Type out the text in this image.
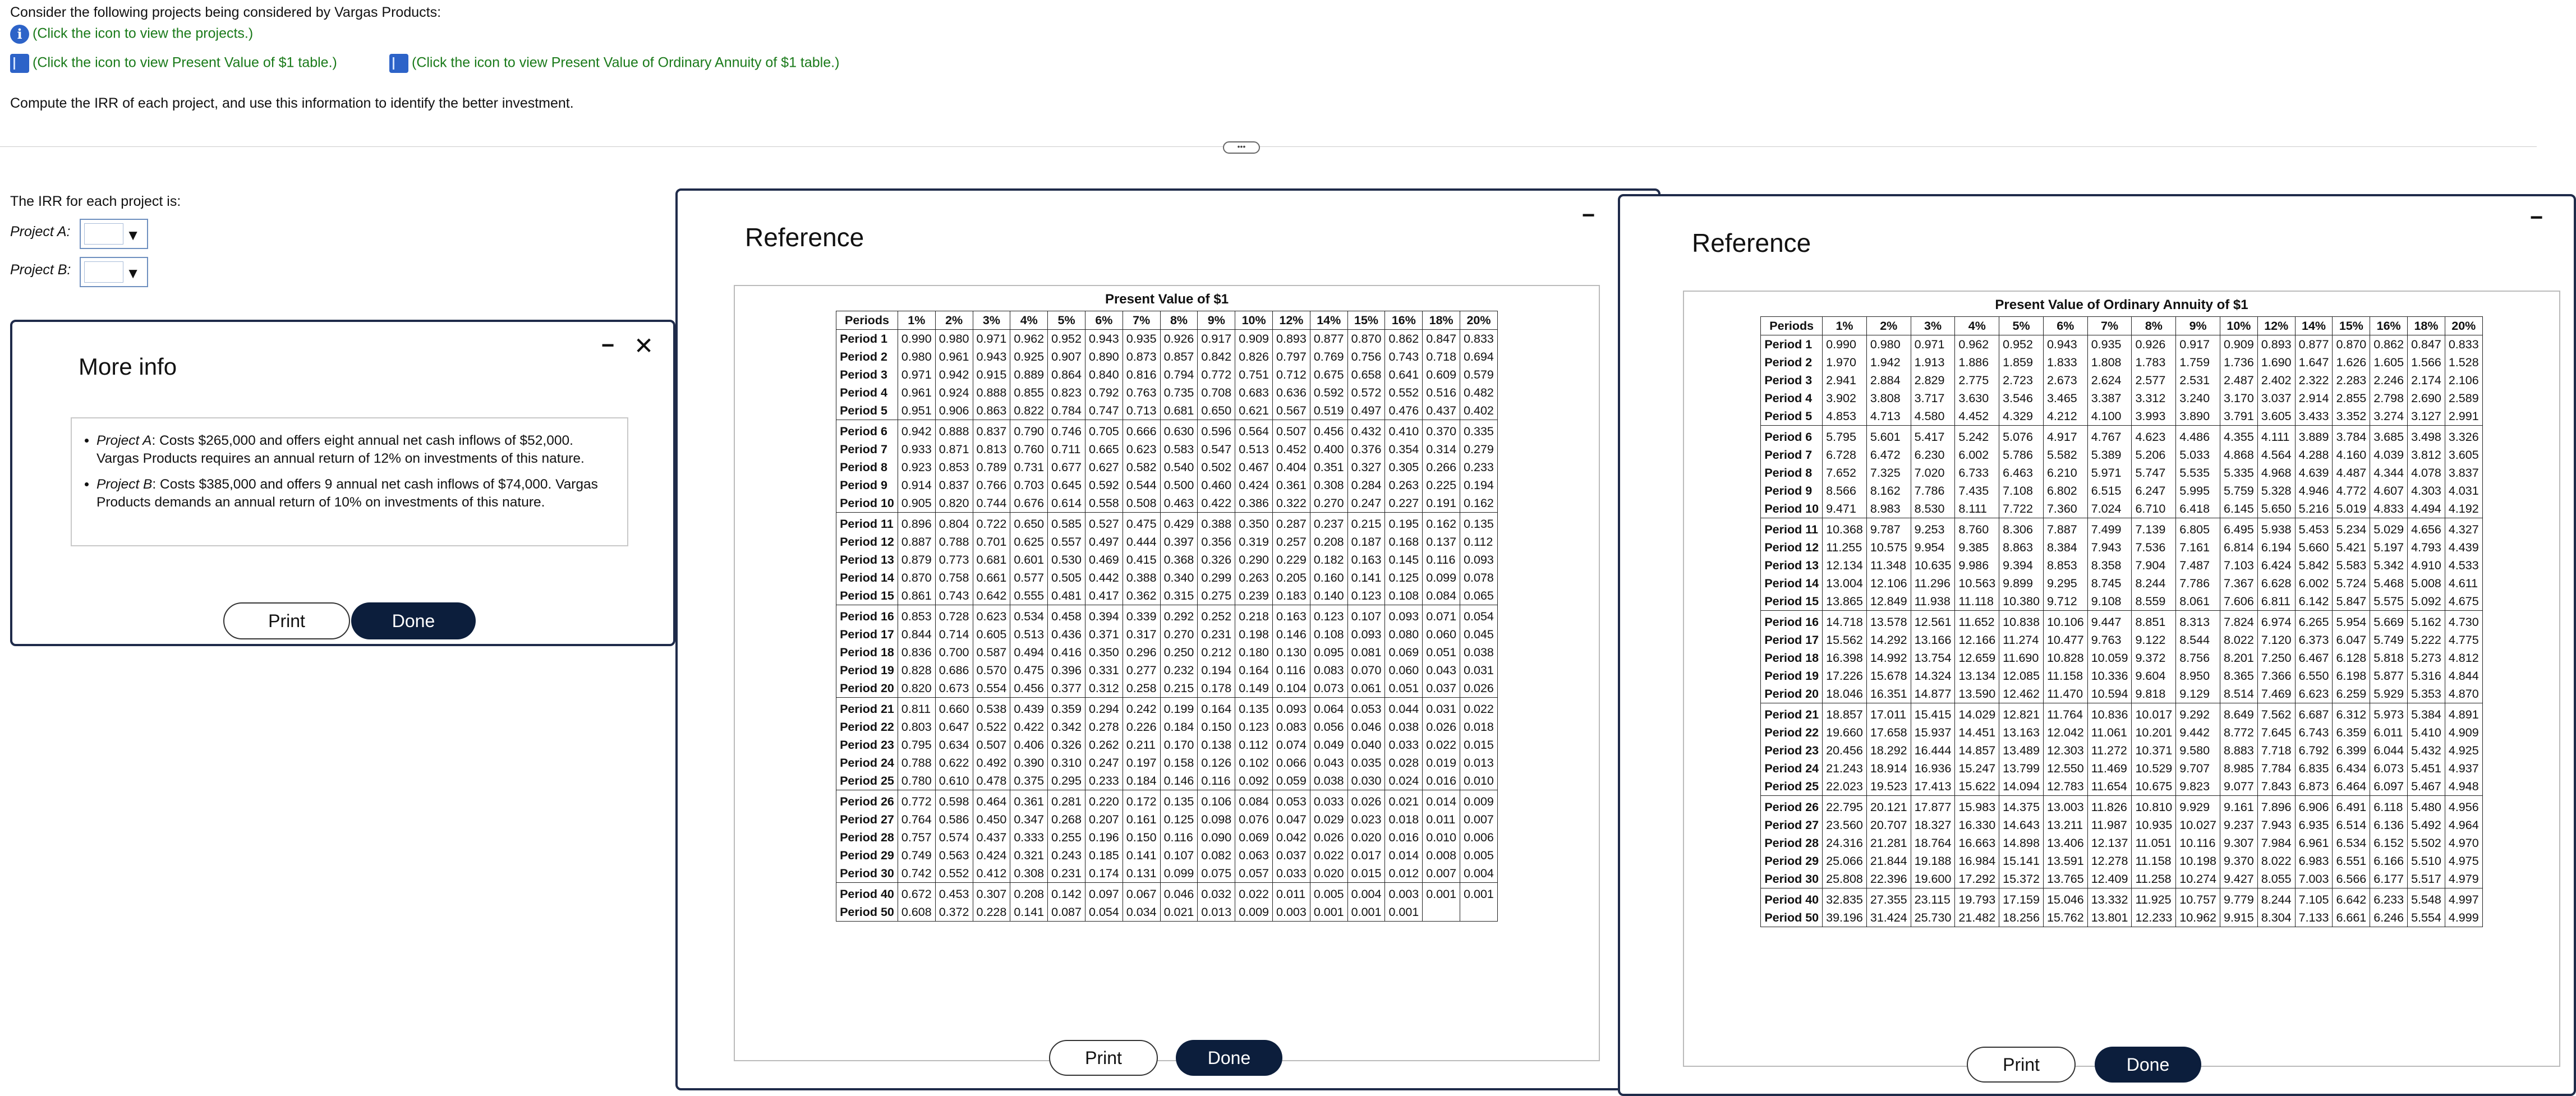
Consider the following projects being considered by Vargas Products:
i (Click the icon to view the projects.)
(Click the icon to view Present Value of $1 table.)	(Click the icon to view Present Value of Ordinary Annuity of $1 table.)
Compute the IRR of each project, and use this information to identify the better investment.
•••
The IRR for each project is:
Project A:	▼
Project B:	▼
More info
− ✕
• Project A: Costs $265,000 and offers eight annual net cash inflows of $52,000. Vargas Products requires an annual return of 12% on investments of this nature.
• Project B: Costs $385,000 and offers 9 annual net cash inflows of $74,000. Vargas Products demands an annual return of 10% on investments of this nature.
Print	Done
Reference
−
Present Value of $1
Periods	1%	2%	3%	4%	5%	6%	7%	8%	9%	10%	12%	14%	15%	16%	18%	20%
Period 1	0.990	0.980	0.971	0.962	0.952	0.943	0.935	0.926	0.917	0.909	0.893	0.877	0.870	0.862	0.847	0.833
Period 2	0.980	0.961	0.943	0.925	0.907	0.890	0.873	0.857	0.842	0.826	0.797	0.769	0.756	0.743	0.718	0.694
Period 3	0.971	0.942	0.915	0.889	0.864	0.840	0.816	0.794	0.772	0.751	0.712	0.675	0.658	0.641	0.609	0.579
Period 4	0.961	0.924	0.888	0.855	0.823	0.792	0.763	0.735	0.708	0.683	0.636	0.592	0.572	0.552	0.516	0.482
Period 5	0.951	0.906	0.863	0.822	0.784	0.747	0.713	0.681	0.650	0.621	0.567	0.519	0.497	0.476	0.437	0.402
Period 6	0.942	0.888	0.837	0.790	0.746	0.705	0.666	0.630	0.596	0.564	0.507	0.456	0.432	0.410	0.370	0.335
Period 7	0.933	0.871	0.813	0.760	0.711	0.665	0.623	0.583	0.547	0.513	0.452	0.400	0.376	0.354	0.314	0.279
Period 8	0.923	0.853	0.789	0.731	0.677	0.627	0.582	0.540	0.502	0.467	0.404	0.351	0.327	0.305	0.266	0.233
Period 9	0.914	0.837	0.766	0.703	0.645	0.592	0.544	0.500	0.460	0.424	0.361	0.308	0.284	0.263	0.225	0.194
Period 10	0.905	0.820	0.744	0.676	0.614	0.558	0.508	0.463	0.422	0.386	0.322	0.270	0.247	0.227	0.191	0.162
Period 11	0.896	0.804	0.722	0.650	0.585	0.527	0.475	0.429	0.388	0.350	0.287	0.237	0.215	0.195	0.162	0.135
Period 12	0.887	0.788	0.701	0.625	0.557	0.497	0.444	0.397	0.356	0.319	0.257	0.208	0.187	0.168	0.137	0.112
Period 13	0.879	0.773	0.681	0.601	0.530	0.469	0.415	0.368	0.326	0.290	0.229	0.182	0.163	0.145	0.116	0.093
Period 14	0.870	0.758	0.661	0.577	0.505	0.442	0.388	0.340	0.299	0.263	0.205	0.160	0.141	0.125	0.099	0.078
Period 15	0.861	0.743	0.642	0.555	0.481	0.417	0.362	0.315	0.275	0.239	0.183	0.140	0.123	0.108	0.084	0.065
Period 16	0.853	0.728	0.623	0.534	0.458	0.394	0.339	0.292	0.252	0.218	0.163	0.123	0.107	0.093	0.071	0.054
Period 17	0.844	0.714	0.605	0.513	0.436	0.371	0.317	0.270	0.231	0.198	0.146	0.108	0.093	0.080	0.060	0.045
Period 18	0.836	0.700	0.587	0.494	0.416	0.350	0.296	0.250	0.212	0.180	0.130	0.095	0.081	0.069	0.051	0.038
Period 19	0.828	0.686	0.570	0.475	0.396	0.331	0.277	0.232	0.194	0.164	0.116	0.083	0.070	0.060	0.043	0.031
Period 20	0.820	0.673	0.554	0.456	0.377	0.312	0.258	0.215	0.178	0.149	0.104	0.073	0.061	0.051	0.037	0.026
Period 21	0.811	0.660	0.538	0.439	0.359	0.294	0.242	0.199	0.164	0.135	0.093	0.064	0.053	0.044	0.031	0.022
Period 22	0.803	0.647	0.522	0.422	0.342	0.278	0.226	0.184	0.150	0.123	0.083	0.056	0.046	0.038	0.026	0.018
Period 23	0.795	0.634	0.507	0.406	0.326	0.262	0.211	0.170	0.138	0.112	0.074	0.049	0.040	0.033	0.022	0.015
Period 24	0.788	0.622	0.492	0.390	0.310	0.247	0.197	0.158	0.126	0.102	0.066	0.043	0.035	0.028	0.019	0.013
Period 25	0.780	0.610	0.478	0.375	0.295	0.233	0.184	0.146	0.116	0.092	0.059	0.038	0.030	0.024	0.016	0.010
Period 26	0.772	0.598	0.464	0.361	0.281	0.220	0.172	0.135	0.106	0.084	0.053	0.033	0.026	0.021	0.014	0.009
Period 27	0.764	0.586	0.450	0.347	0.268	0.207	0.161	0.125	0.098	0.076	0.047	0.029	0.023	0.018	0.011	0.007
Period 28	0.757	0.574	0.437	0.333	0.255	0.196	0.150	0.116	0.090	0.069	0.042	0.026	0.020	0.016	0.010	0.006
Period 29	0.749	0.563	0.424	0.321	0.243	0.185	0.141	0.107	0.082	0.063	0.037	0.022	0.017	0.014	0.008	0.005
Period 30	0.742	0.552	0.412	0.308	0.231	0.174	0.131	0.099	0.075	0.057	0.033	0.020	0.015	0.012	0.007	0.004
Period 40	0.672	0.453	0.307	0.208	0.142	0.097	0.067	0.046	0.032	0.022	0.011	0.005	0.004	0.003	0.001	0.001
Period 50	0.608	0.372	0.228	0.141	0.087	0.054	0.034	0.021	0.013	0.009	0.003	0.001	0.001	0.001		
Print	Done
Reference
−
Present Value of Ordinary Annuity of $1
Periods	1%	2%	3%	4%	5%	6%	7%	8%	9%	10%	12%	14%	15%	16%	18%	20%
Period 1	0.990	0.980	0.971	0.962	0.952	0.943	0.935	0.926	0.917	0.909	0.893	0.877	0.870	0.862	0.847	0.833
Period 2	1.970	1.942	1.913	1.886	1.859	1.833	1.808	1.783	1.759	1.736	1.690	1.647	1.626	1.605	1.566	1.528
Period 3	2.941	2.884	2.829	2.775	2.723	2.673	2.624	2.577	2.531	2.487	2.402	2.322	2.283	2.246	2.174	2.106
Period 4	3.902	3.808	3.717	3.630	3.546	3.465	3.387	3.312	3.240	3.170	3.037	2.914	2.855	2.798	2.690	2.589
Period 5	4.853	4.713	4.580	4.452	4.329	4.212	4.100	3.993	3.890	3.791	3.605	3.433	3.352	3.274	3.127	2.991
Period 6	5.795	5.601	5.417	5.242	5.076	4.917	4.767	4.623	4.486	4.355	4.111	3.889	3.784	3.685	3.498	3.326
Period 7	6.728	6.472	6.230	6.002	5.786	5.582	5.389	5.206	5.033	4.868	4.564	4.288	4.160	4.039	3.812	3.605
Period 8	7.652	7.325	7.020	6.733	6.463	6.210	5.971	5.747	5.535	5.335	4.968	4.639	4.487	4.344	4.078	3.837
Period 9	8.566	8.162	7.786	7.435	7.108	6.802	6.515	6.247	5.995	5.759	5.328	4.946	4.772	4.607	4.303	4.031
Period 10	9.471	8.983	8.530	8.111	7.722	7.360	7.024	6.710	6.418	6.145	5.650	5.216	5.019	4.833	4.494	4.192
Period 11	10.368	9.787	9.253	8.760	8.306	7.887	7.499	7.139	6.805	6.495	5.938	5.453	5.234	5.029	4.656	4.327
Period 12	11.255	10.575	9.954	9.385	8.863	8.384	7.943	7.536	7.161	6.814	6.194	5.660	5.421	5.197	4.793	4.439
Period 13	12.134	11.348	10.635	9.986	9.394	8.853	8.358	7.904	7.487	7.103	6.424	5.842	5.583	5.342	4.910	4.533
Period 14	13.004	12.106	11.296	10.563	9.899	9.295	8.745	8.244	7.786	7.367	6.628	6.002	5.724	5.468	5.008	4.611
Period 15	13.865	12.849	11.938	11.118	10.380	9.712	9.108	8.559	8.061	7.606	6.811	6.142	5.847	5.575	5.092	4.675
Period 16	14.718	13.578	12.561	11.652	10.838	10.106	9.447	8.851	8.313	7.824	6.974	6.265	5.954	5.669	5.162	4.730
Period 17	15.562	14.292	13.166	12.166	11.274	10.477	9.763	9.122	8.544	8.022	7.120	6.373	6.047	5.749	5.222	4.775
Period 18	16.398	14.992	13.754	12.659	11.690	10.828	10.059	9.372	8.756	8.201	7.250	6.467	6.128	5.818	5.273	4.812
Period 19	17.226	15.678	14.324	13.134	12.085	11.158	10.336	9.604	8.950	8.365	7.366	6.550	6.198	5.877	5.316	4.844
Period 20	18.046	16.351	14.877	13.590	12.462	11.470	10.594	9.818	9.129	8.514	7.469	6.623	6.259	5.929	5.353	4.870
Period 21	18.857	17.011	15.415	14.029	12.821	11.764	10.836	10.017	9.292	8.649	7.562	6.687	6.312	5.973	5.384	4.891
Period 22	19.660	17.658	15.937	14.451	13.163	12.042	11.061	10.201	9.442	8.772	7.645	6.743	6.359	6.011	5.410	4.909
Period 23	20.456	18.292	16.444	14.857	13.489	12.303	11.272	10.371	9.580	8.883	7.718	6.792	6.399	6.044	5.432	4.925
Period 24	21.243	18.914	16.936	15.247	13.799	12.550	11.469	10.529	9.707	8.985	7.784	6.835	6.434	6.073	5.451	4.937
Period 25	22.023	19.523	17.413	15.622	14.094	12.783	11.654	10.675	9.823	9.077	7.843	6.873	6.464	6.097	5.467	4.948
Period 26	22.795	20.121	17.877	15.983	14.375	13.003	11.826	10.810	9.929	9.161	7.896	6.906	6.491	6.118	5.480	4.956
Period 27	23.560	20.707	18.327	16.330	14.643	13.211	11.987	10.935	10.027	9.237	7.943	6.935	6.514	6.136	5.492	4.964
Period 28	24.316	21.281	18.764	16.663	14.898	13.406	12.137	11.051	10.116	9.307	7.984	6.961	6.534	6.152	5.502	4.970
Period 29	25.066	21.844	19.188	16.984	15.141	13.591	12.278	11.158	10.198	9.370	8.022	6.983	6.551	6.166	5.510	4.975
Period 30	25.808	22.396	19.600	17.292	15.372	13.765	12.409	11.258	10.274	9.427	8.055	7.003	6.566	6.177	5.517	4.979
Period 40	32.835	27.355	23.115	19.793	17.159	15.046	13.332	11.925	10.757	9.779	8.244	7.105	6.642	6.233	5.548	4.997
Period 50	39.196	31.424	25.730	21.482	18.256	15.762	13.801	12.233	10.962	9.915	8.304	7.133	6.661	6.246	5.554	4.999
Print	Done
